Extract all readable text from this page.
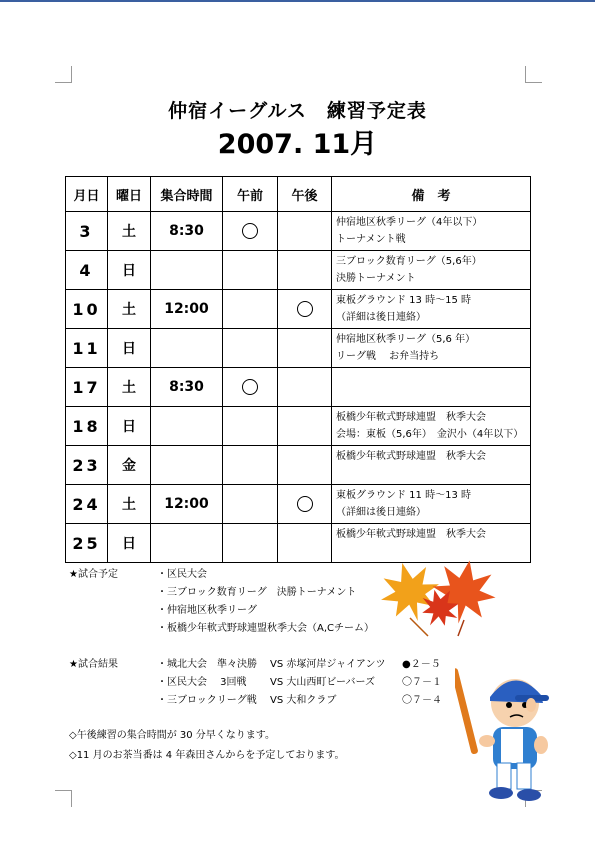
仲宿イーグルス　練習予定表
2007. 11月
月日	曜日	集合時間	午前	午後	備　考
3	土	8:30			仲宿地区秋季リーグ（4年以下）
トーナメント戦

4	日				三ブロック数育リーグ（5,6年）
決勝トーナメント

10	土	12:00			東板グラウンド 13 時〜15 時
（詳細は後日連絡）

11	日				仲宿地区秋季リーグ（5,6 年）
リーグ戦　 お弁当持ち

17	土	8:30			

18	日				板橋少年軟式野球連盟　秋季大会
会場：東板（5,6年）　金沢小（4年以下）

23	金				板橋少年軟式野球連盟　秋季大会

24	土	12:00			東板グラウンド 11 時〜13 時
（詳細は後日連絡）

25	日				板橋少年軟式野球連盟　秋季大会
★試合予定	・区民大会
・三ブロック数育リーグ　決勝トーナメント
・仲宿地区秋季リーグ
・板橋少年軟式野球連盟秋季大会（A,Cチーム）
★試合結果	・城北大会　準々決勝 VS 赤塚河岸ジャイアンツ ●２－５
・区民大会　 3回戦 VS 大山西町ビーバーズ	〇７－１
・三ブロックリーグ戦 VS 大和クラブ	〇７－４
◇午後練習の集合時間が 30 分早くなります。
◇11 月のお茶当番は 4 年森田さんからを予定しております。
